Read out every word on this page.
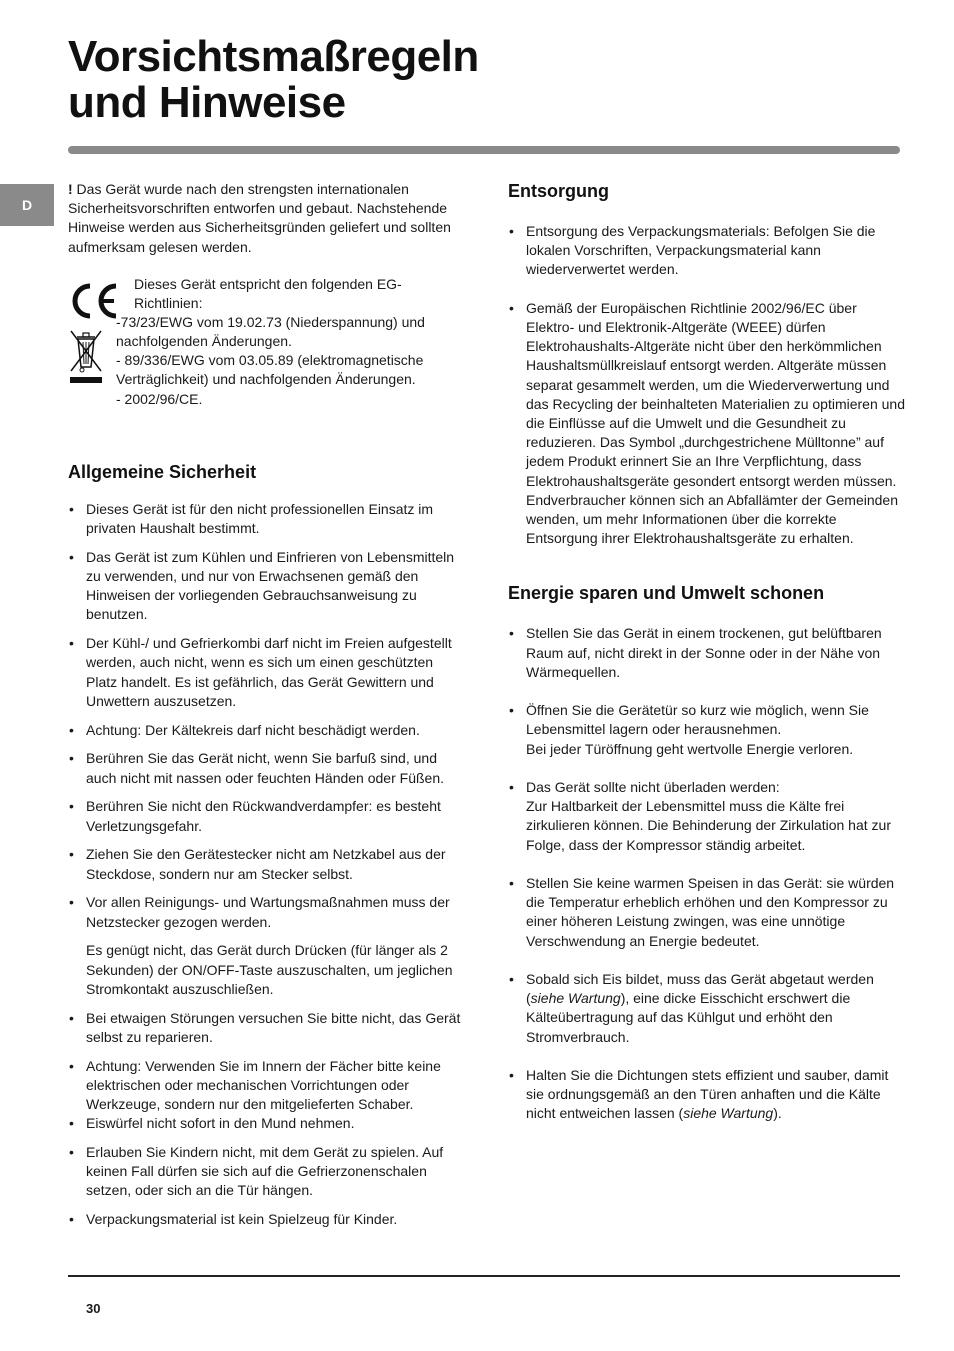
Vorsichtsmaßregeln
und Hinweise
D

! Das Gerät wurde nach den strengsten internationalen Sicherheitsvorschriften entworfen und gebaut. Nachstehende Hinweise werden aus Sicherheitsgründen geliefert und sollten aufmerksam gelesen werden.

Dieses Gerät entspricht den folgenden EG-Richtlinien:

-73/23/EWG vom 19.02.73 (Niederspannung) und nachfolgenden Änderungen.

- 89/336/EWG vom 03.05.89 (elektromagnetische Verträglichkeit) und nachfolgenden Änderungen.

- 2002/96/CE.

Allgemeine Sicherheit
• Dieses Gerät ist für den nicht professionellen Einsatz im privaten Haushalt bestimmt.
• Das Gerät ist zum Kühlen und Einfrieren von Lebensmitteln zu verwenden, und nur von Erwachsenen gemäß den Hinweisen der vorliegenden Gebrauchsanweisung zu benutzen.
• Der Kühl-/ und Gefrierkombi darf nicht im Freien aufgestellt werden, auch nicht, wenn es sich um einen geschützten Platz handelt. Es ist gefährlich, das Gerät Gewittern und Unwettern auszusetzen.
• Achtung: Der Kältekreis darf nicht beschädigt werden.
• Berühren Sie das Gerät nicht, wenn Sie barfuß sind, und auch nicht mit nassen oder feuchten Händen oder Füßen.
• Berühren Sie nicht den Rückwandverdampfer: es besteht Verletzungsgefahr.
• Ziehen Sie den Gerätestecker nicht am Netzkabel aus der Steckdose, sondern nur am Stecker selbst.
• Vor allen Reinigungs- und Wartungsmaßnahmen muss der Netzstecker gezogen werden.
Es genügt nicht, das Gerät durch Drücken (für länger als 2 Sekunden) der ON/OFF-Taste auszuschalten, um jeglichen Stromkontakt auszuschließen.
• Bei etwaigen Störungen versuchen Sie bitte nicht, das Gerät selbst zu reparieren.
• Achtung: Verwenden Sie im Innern der Fächer bitte keine elektrischen oder mechanischen Vorrichtungen oder Werkzeuge, sondern nur den mitgelieferten Schaber.
• Eiswürfel nicht sofort in den Mund nehmen.
• Erlauben Sie Kindern nicht, mit dem Gerät zu spielen. Auf keinen Fall dürfen sie sich auf die Gefrierzonenschalen setzen, oder sich an die Tür hängen.
• Verpackungsmaterial ist kein Spielzeug für Kinder.
Entsorgung
• Entsorgung des Verpackungsmaterials: Befolgen Sie die lokalen Vorschriften, Verpackungsmaterial kann wiederverwertet werden.
• Gemäß der Europäischen Richtlinie 2002/96/EC über Elektro- und Elektronik-Altgeräte (WEEE) dürfen Elektrohaushalts-Altgeräte nicht über den herkömmlichen Haushaltsmüllkreislauf entsorgt werden. Altgeräte müssen separat gesammelt werden, um die Wiederverwertung und das Recycling der beinhalteten Materialien zu optimieren und die Einflüsse auf die Umwelt und die Gesundheit zu reduzieren. Das Symbol „durchgestrichene Mülltonne” auf jedem Produkt erinnert Sie an Ihre Verpflichtung, dass Elektrohaushaltsgeräte gesondert entsorgt werden müssen.
Endverbraucher können sich an Abfallämter der Gemeinden wenden, um mehr Informationen über die korrekte Entsorgung ihrer Elektrohaushaltsgeräte zu erhalten.
Energie sparen und Umwelt schonen
• Stellen Sie das Gerät in einem trockenen, gut belüftbaren Raum auf, nicht direkt in der Sonne oder in der Nähe von Wärmequellen.
• Öffnen Sie die Gerätetür so kurz wie möglich, wenn Sie Lebensmittel lagern oder herausnehmen.
Bei jeder Türöffnung geht wertvolle Energie verloren.
• Das Gerät sollte nicht überladen werden:
Zur Haltbarkeit der Lebensmittel muss die Kälte frei zirkulieren können. Die Behinderung der Zirkulation hat zur Folge, dass der Kompressor ständig arbeitet.
• Stellen Sie keine warmen Speisen in das Gerät: sie würden die Temperatur erheblich erhöhen und den Kompressor zu einer höheren Leistung zwingen, was eine unnötige Verschwendung an Energie bedeutet.
• Sobald sich Eis bildet, muss das Gerät abgetaut werden (siehe Wartung), eine dicke Eisschicht erschwert die Kälteübertragung auf das Kühlgut und erhöht den Stromverbrauch.
• Halten Sie die Dichtungen stets effizient und sauber, damit sie ordnungsgemäß an den Türen anhaften und die Kälte nicht entweichen lassen (siehe Wartung).
30
